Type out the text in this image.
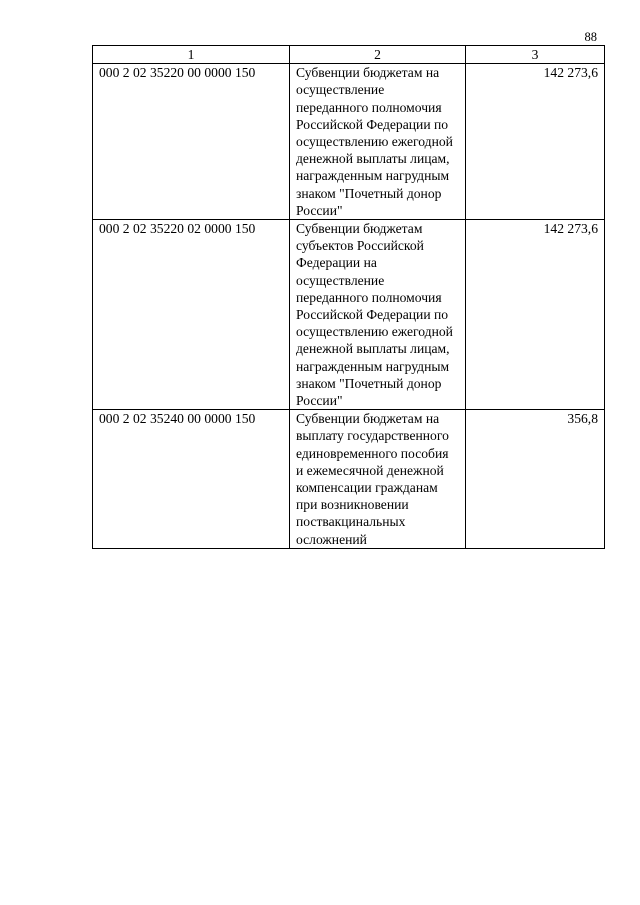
88
1	2	3
000 2 02 35220 00 0000 150	Субвенции бюджетам на осуществление переданного полномочия Российской Федерации по осуществлению ежегодной денежной выплаты лицам, награжденным нагрудным знаком "Почетный донор России"	142 273,6
000 2 02 35220 02 0000 150	Субвенции бюджетам субъектов Российской Федерации на осуществление переданного полномочия Российской Федерации по осуществлению ежегодной денежной выплаты лицам, награжденным нагрудным знаком "Почетный донор России"	142 273,6
000 2 02 35240 00 0000 150	Субвенции бюджетам на выплату государственного единовременного пособия и ежемесячной денежной компенсации гражданам при возникновении поствакцинальных осложнений	356,8
